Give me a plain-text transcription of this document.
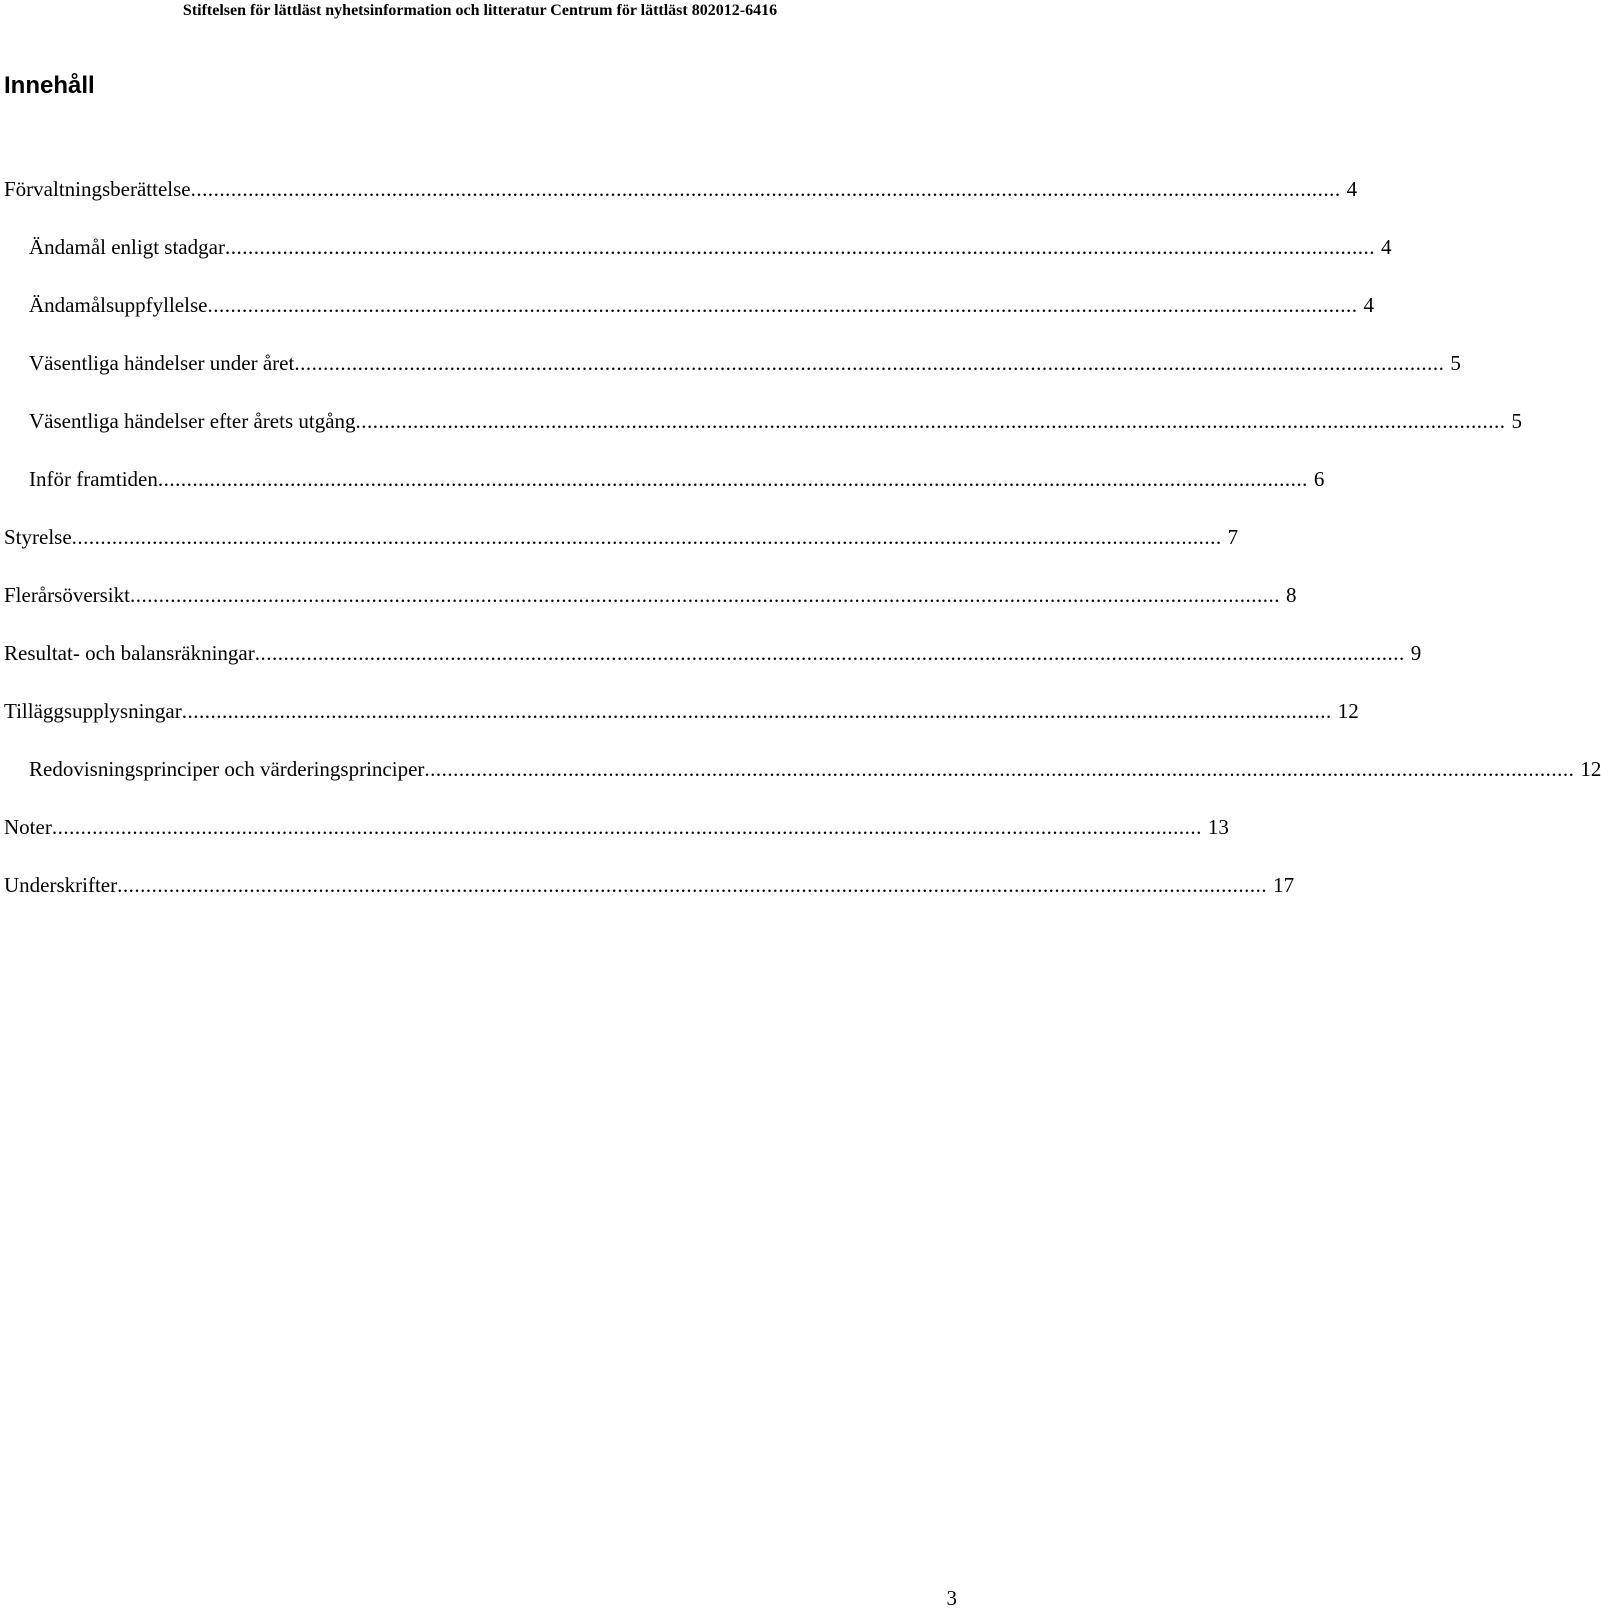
Stiftelsen för lättläst nyhetsinformation och litteratur Centrum för lättläst 802012-6416
Innehåll
Förvaltningsberättelse ........................................................................................................................................................................................................ 4
Ändamål enligt stadgar ........................................................................................................................................................................................................ 4
Ändamålsuppfyllelse ........................................................................................................................................................................................................ 4
Väsentliga händelser under året ........................................................................................................................................................................................................ 5
Väsentliga händelser efter årets utgång ........................................................................................................................................................................................................ 5
Inför framtiden ........................................................................................................................................................................................................ 6
Styrelse ........................................................................................................................................................................................................ 7
Flerårsöversikt ........................................................................................................................................................................................................ 8
Resultat- och balansräkningar ........................................................................................................................................................................................................ 9
Tilläggsupplysningar ........................................................................................................................................................................................................ 12
Redovisningsprinciper och värderingsprinciper ........................................................................................................................................................................................................ 12
Noter ........................................................................................................................................................................................................ 13
Underskrifter ........................................................................................................................................................................................................ 17
3
